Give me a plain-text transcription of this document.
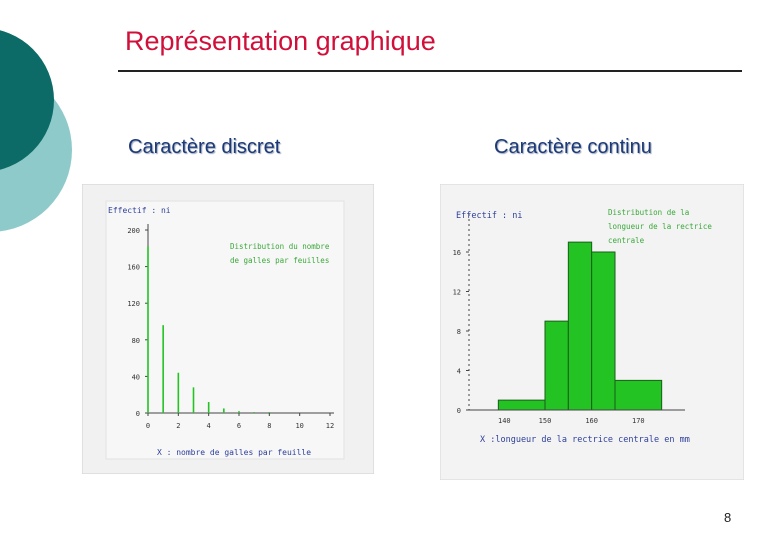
Représentation graphique
Caractère discret	Caractère continu
0
40
80
120
160
200
0	2	4	6	8	10	12
Effectif : ni
Distribution du nombre
de galles par feuilles
X : nombre de galles par feuille
0
4
8
12
16
140	150	160	170
Effectif : ni	Distribution de la
longueur de la rectrice
centrale
X :longueur de la rectrice centrale en mm
8
